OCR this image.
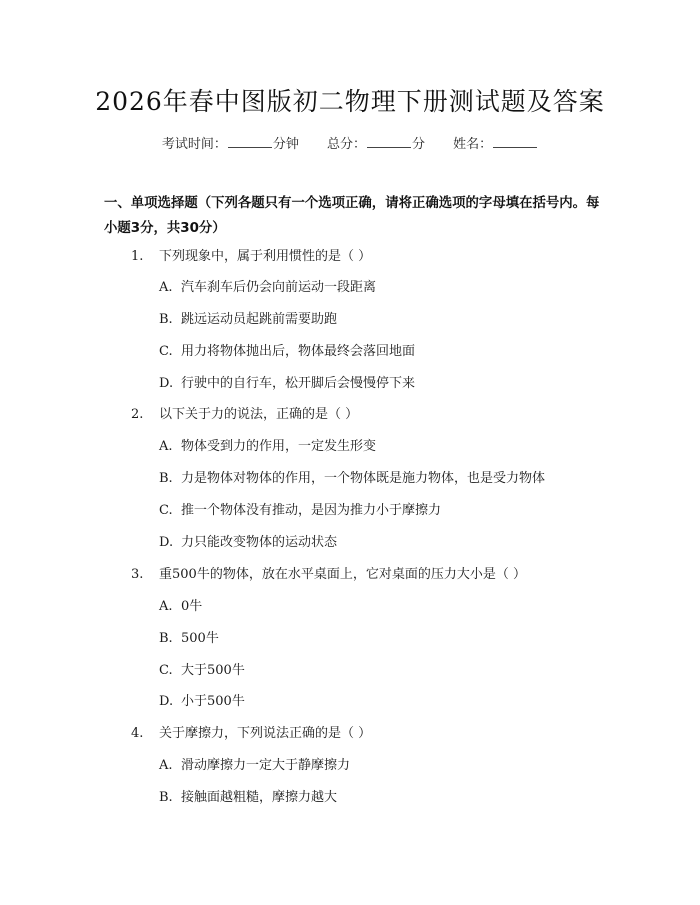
2026年春中图版初二物理下册测试题及答案
考试时间：	分钟 总分：	分 姓名：
一、单项选择题（下列各题只有一个选项正确，请将正确选项的字母填在括号内。每小题3分，共30分）
1. 下列现象中，属于利用惯性的是（ ）
A. 汽车刹车后仍会向前运动一段距离
B. 跳远运动员起跳前需要助跑
C. 用力将物体抛出后，物体最终会落回地面
D. 行驶中的自行车，松开脚后会慢慢停下来
2. 以下关于力的说法，正确的是（ ）
A. 物体受到力的作用，一定发生形变
B. 力是物体对物体的作用，一个物体既是施力物体，也是受力物体
C. 推一个物体没有推动，是因为推力小于摩擦力
D. 力只能改变物体的运动状态
3. 重500牛的物体，放在水平桌面上，它对桌面的压力大小是（ ）
A. 0牛
B. 500牛
C. 大于500牛
D. 小于500牛
4. 关于摩擦力，下列说法正确的是（ ）
A. 滑动摩擦力一定大于静摩擦力
B. 接触面越粗糙，摩擦力越大
